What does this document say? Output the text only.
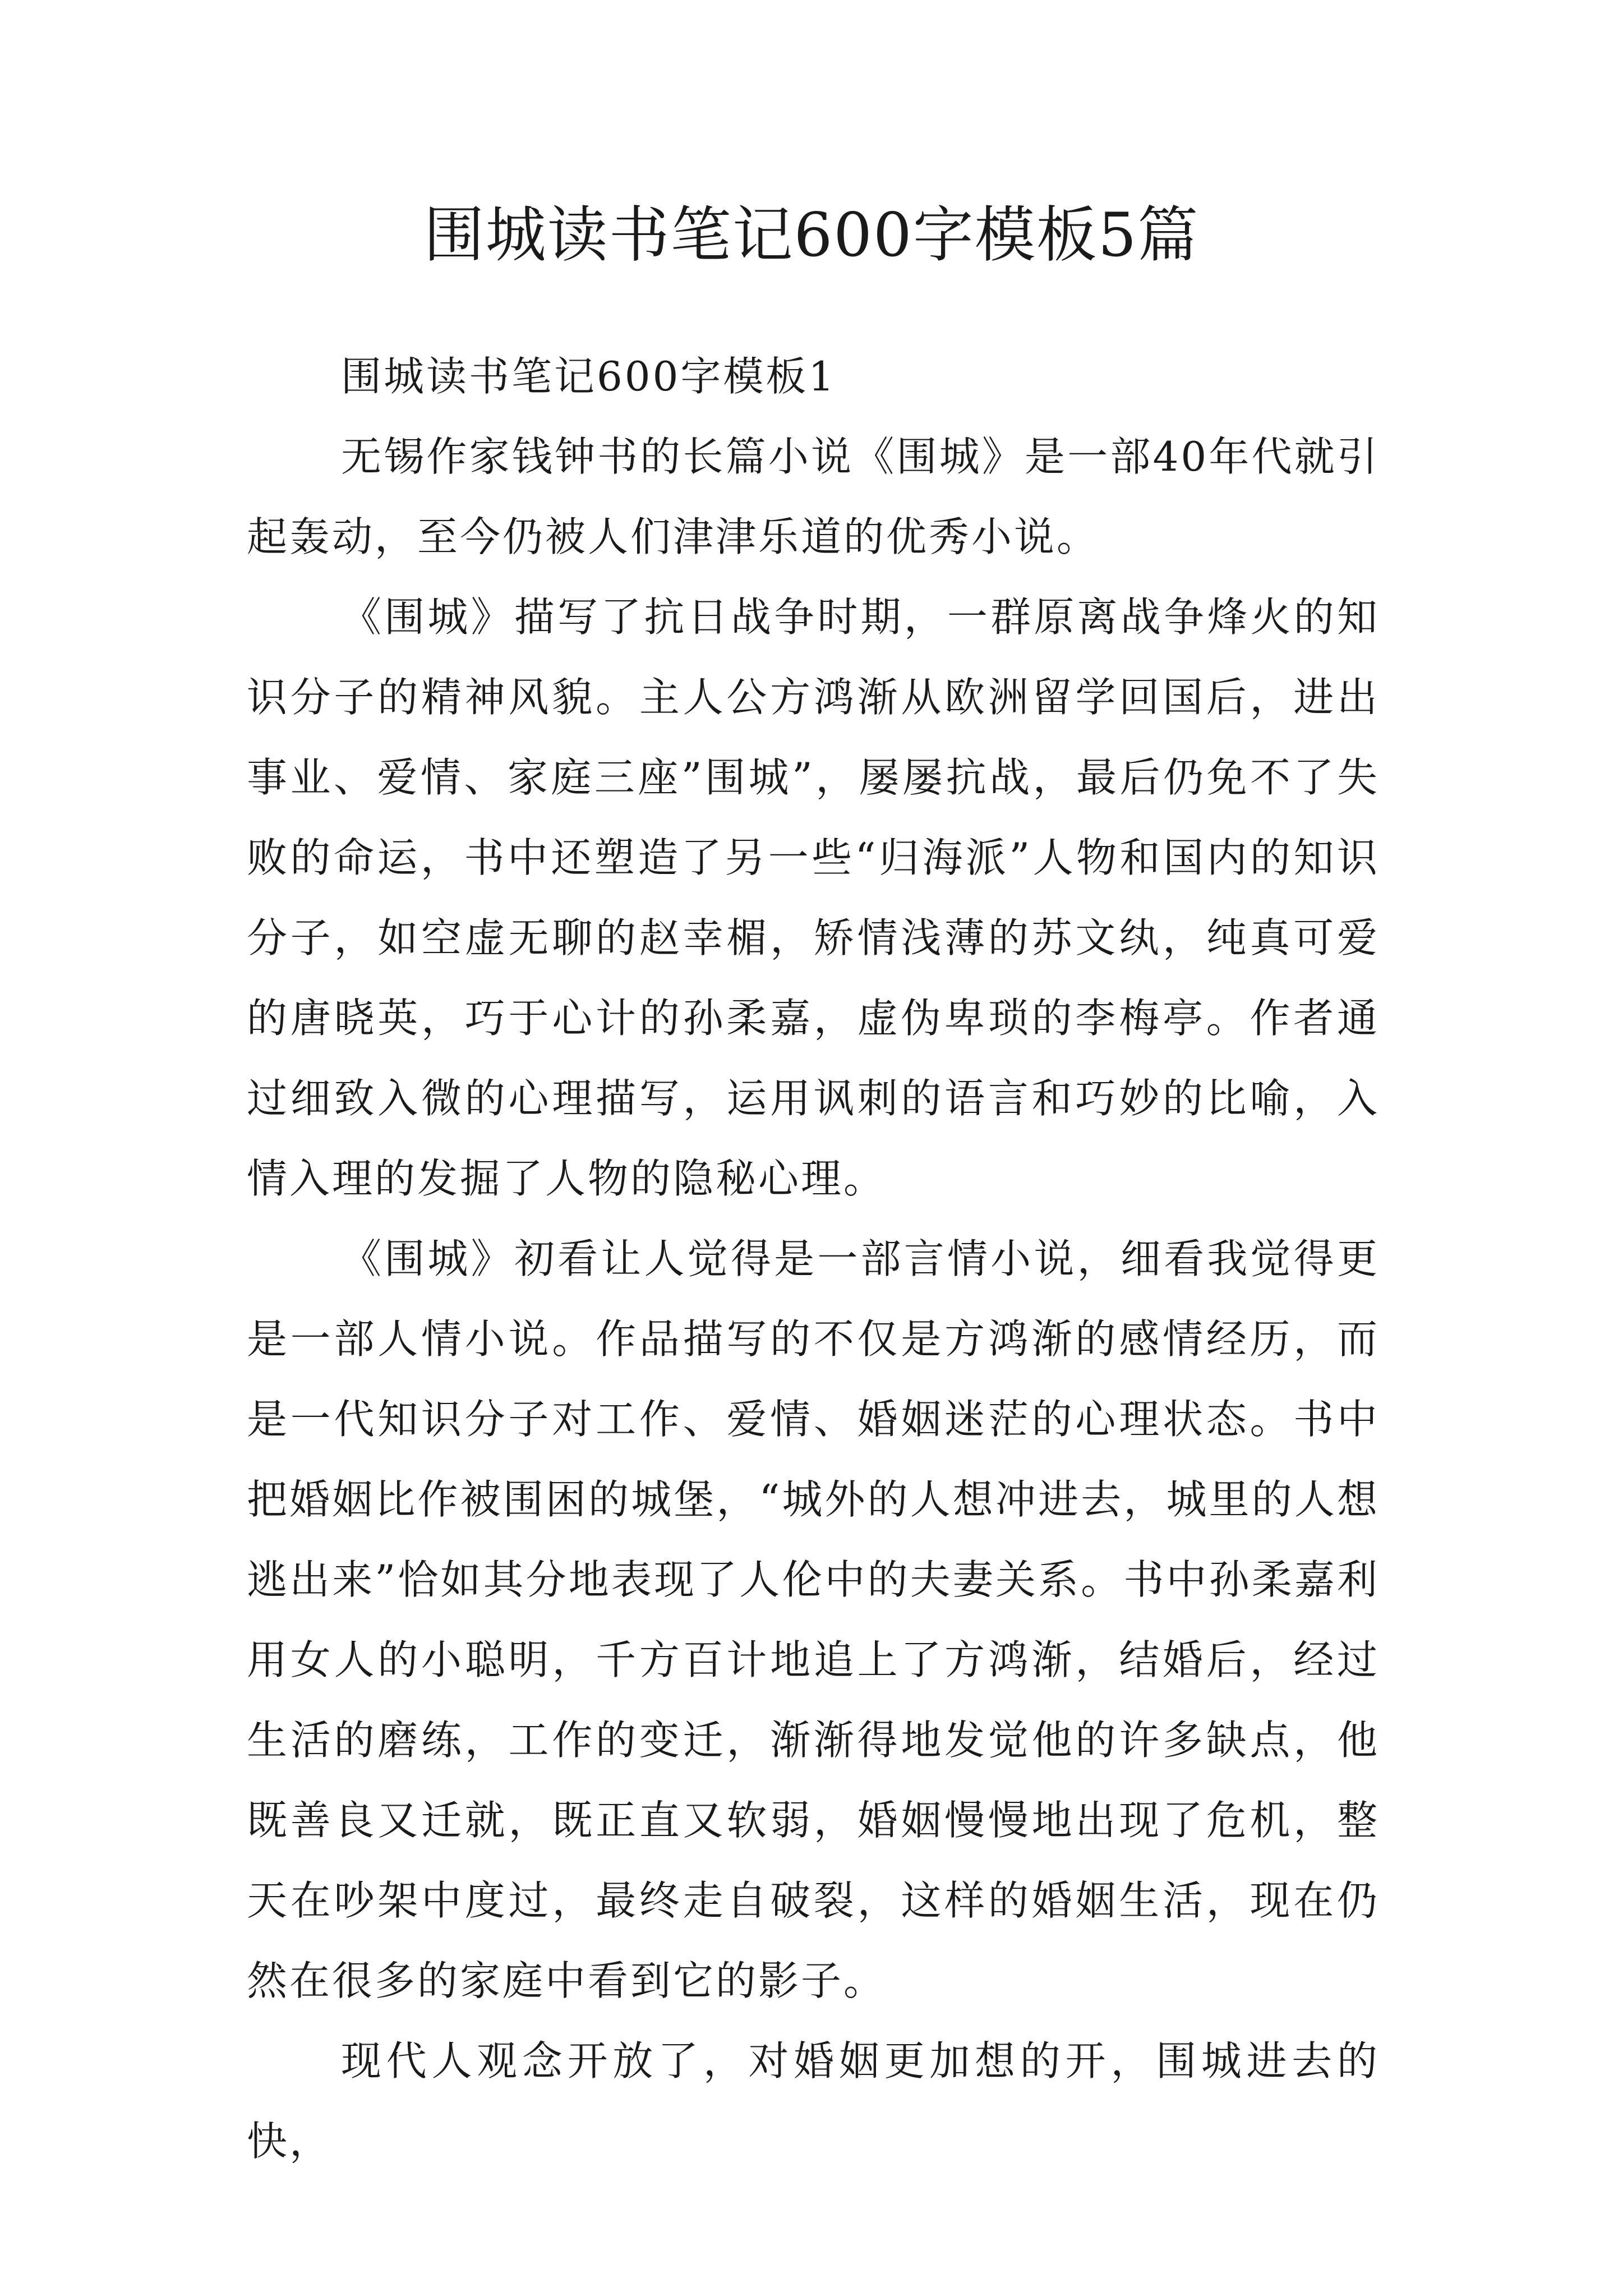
围城读书笔记600字模板5篇

围城读书笔记600字模板1

无锡作家钱钟书的长篇小说《围城》是一部40年代就引起轰动，至今仍被人们津津乐道的优秀小说。

《围城》描写了抗日战争时期，一群原离战争烽火的知识分子的精神风貌。主人公方鸿渐从欧洲留学回国后，进出事业、爱情、家庭三座”围城”，屡屡抗战，最后仍免不了失败的命运，书中还塑造了另一些“归海派”人物和国内的知识分子，如空虚无聊的赵幸楣，矫情浅薄的苏文纨，纯真可爱的唐晓英，巧于心计的孙柔嘉，虚伪卑琐的李梅亭。作者通过细致入微的心理描写，运用讽刺的语言和巧妙的比喻，入情入理的发掘了人物的隐秘心理。

《围城》初看让人觉得是一部言情小说，细看我觉得更是一部人情小说。作品描写的不仅是方鸿渐的感情经历，而是一代知识分子对工作、爱情、婚姻迷茫的心理状态。书中把婚姻比作被围困的城堡，“城外的人想冲进去，城里的人想逃出来”恰如其分地表现了人伦中的夫妻关系。书中孙柔嘉利用女人的小聪明，千方百计地追上了方鸿渐，结婚后，经过生活的磨练，工作的变迁，渐渐得地发觉他的许多缺点，他既善良又迁就，既正直又软弱，婚姻慢慢地出现了危机，整天在吵架中度过，最终走自破裂，这样的婚姻生活，现在仍然在很多的家庭中看到它的影子。

现代人观念开放了，对婚姻更加想的开，围城进去的快，
